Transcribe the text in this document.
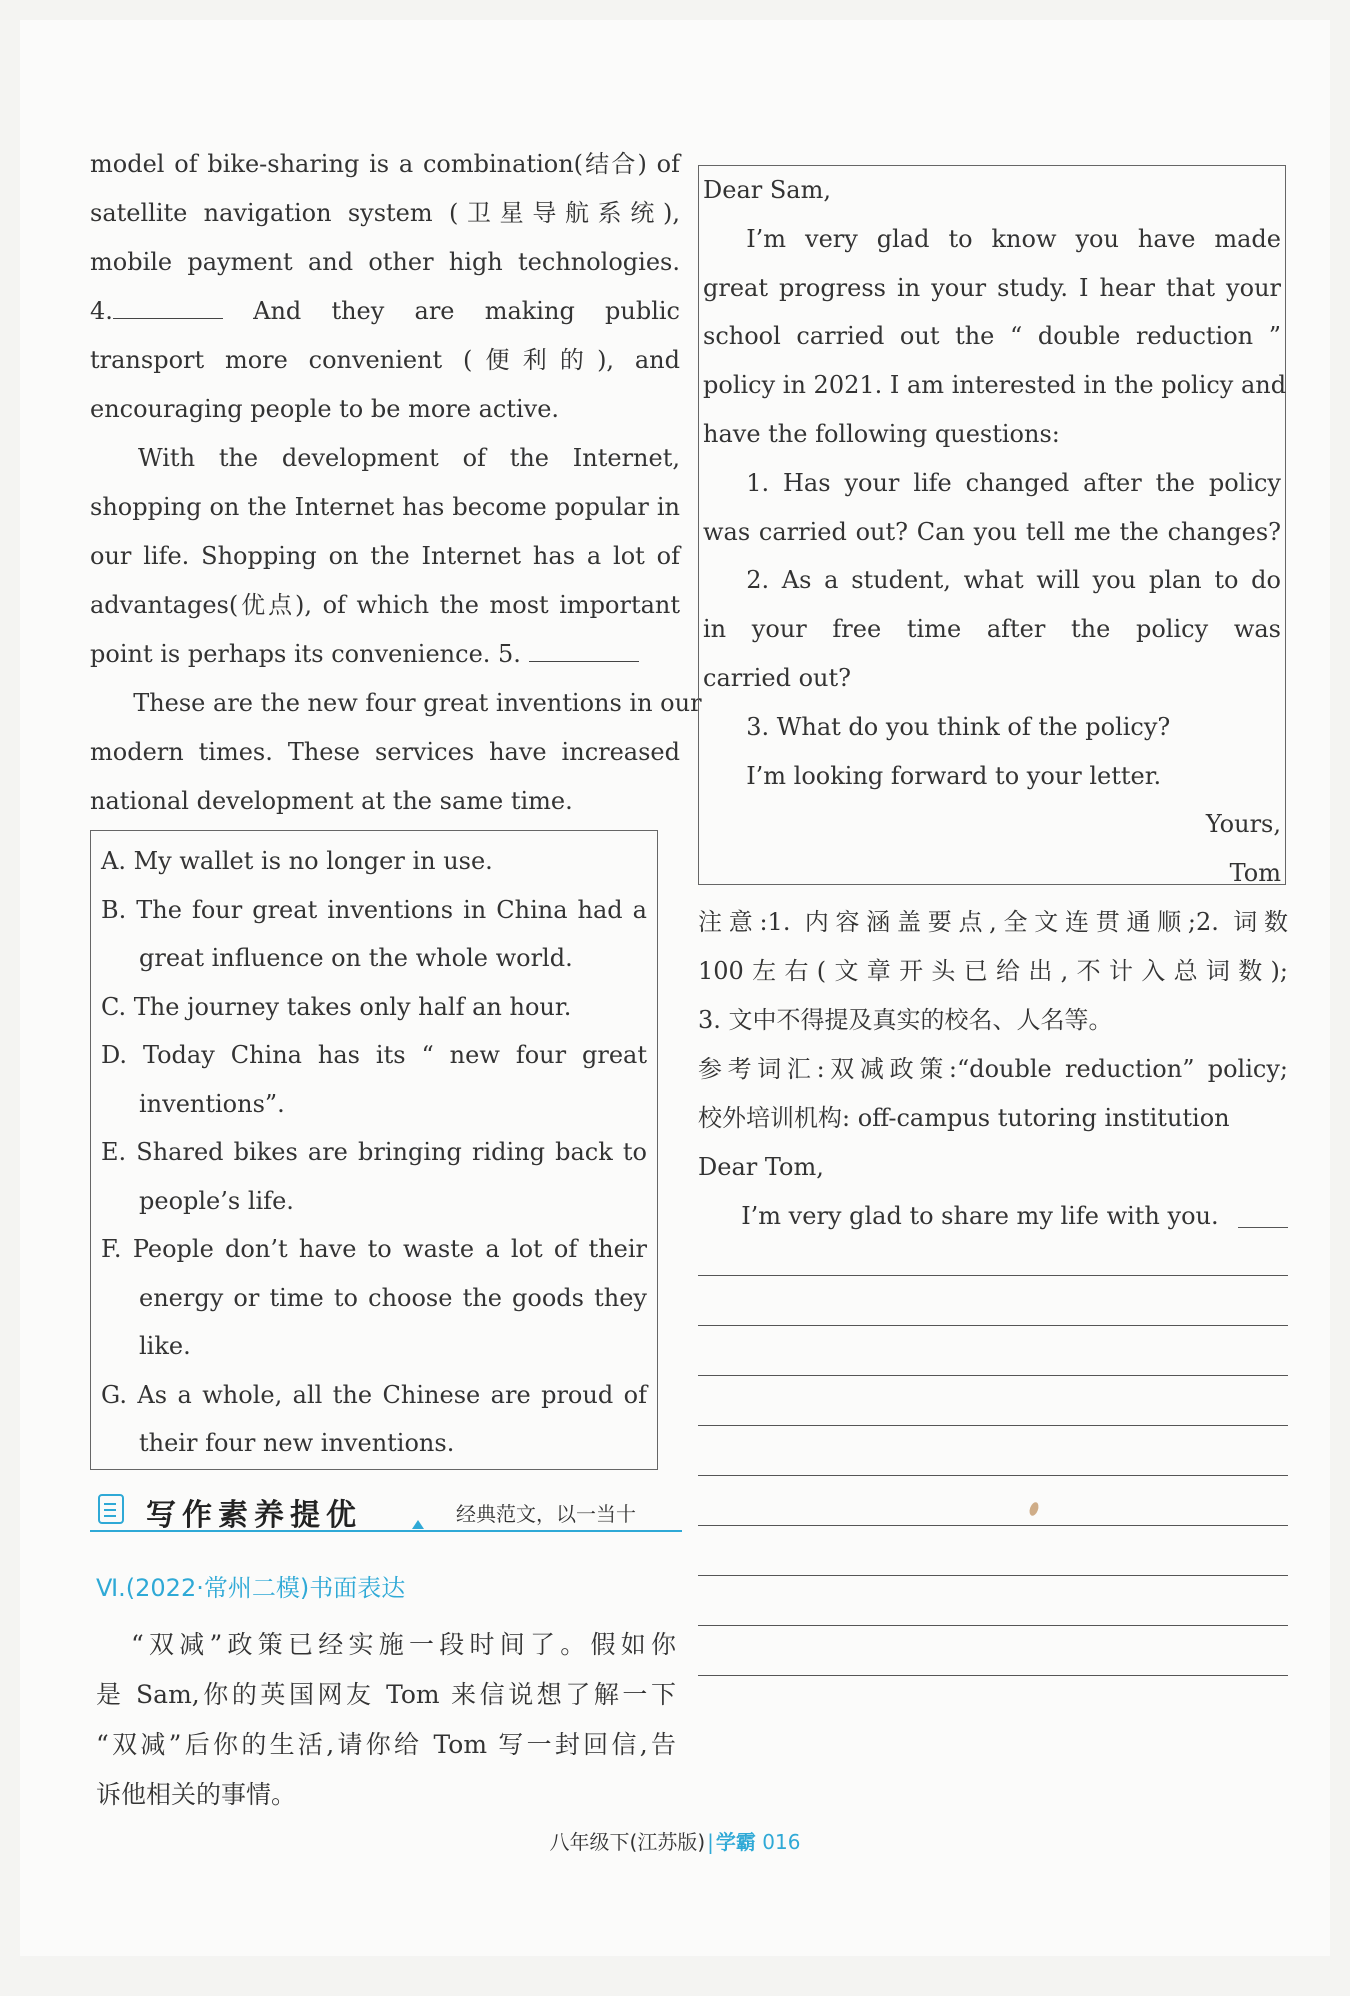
model of bike-sharing is a combination(结合) of
satellite navigation system (卫星导航系统),
mobile payment and other high technologies.
4.	And they are making public
transport more convenient (便利的), and
encouraging people to be more active.
With the development of the Internet,
shopping on the Internet has become popular in
our life. Shopping on the Internet has a lot of
advantages(优点), of which the most important
point is perhaps its convenience. 5.
These are the new four great inventions in our
modern times. These services have increased
national development at the same time.
A. My wallet is no longer in use.
B. The four great inventions in China had a
great influence on the whole world.
C. The journey takes only half an hour.
D. Today China has its “ new four great
inventions”.
E. Shared bikes are bringing riding back to
people’s life.
F. People don’t have to waste a lot of their
energy or time to choose the goods they
like.
G. As a whole, all the Chinese are proud of
their four new inventions.
写作素养提优	经典范文，以一当十
Ⅵ.(2022·常州二模)书面表达
“双减”政策已经实施一段时间了。假如你
是 Sam,你的英国网友 Tom 来信说想了解一下
“双减”后你的生活,请你给 Tom 写一封回信,告
诉他相关的事情。
Dear Sam,
I’m very glad to know you have made
great progress in your study. I hear that your
school carried out the “ double reduction ”
policy in 2021. I am interested in the policy and
have the following questions:
1. Has your life changed after the policy
was carried out? Can you tell me the changes?
2. As a student, what will you plan to do
in your free time after the policy was
carried out?
3. What do you think of the policy?
I’m looking forward to your letter.
Yours,
Tom
注意:1. 内容涵盖要点,全文连贯通顺;2. 词数
100左右(文章开头已给出,不计入总词数);
3. 文中不得提及真实的校名、人名等。
参考词汇:双减政策:“double reduction” policy;
校外培训机构: off-campus tutoring institution
Dear Tom,
I’m very glad to share my life with you.
八年级下(江苏版) | 学霸 016
